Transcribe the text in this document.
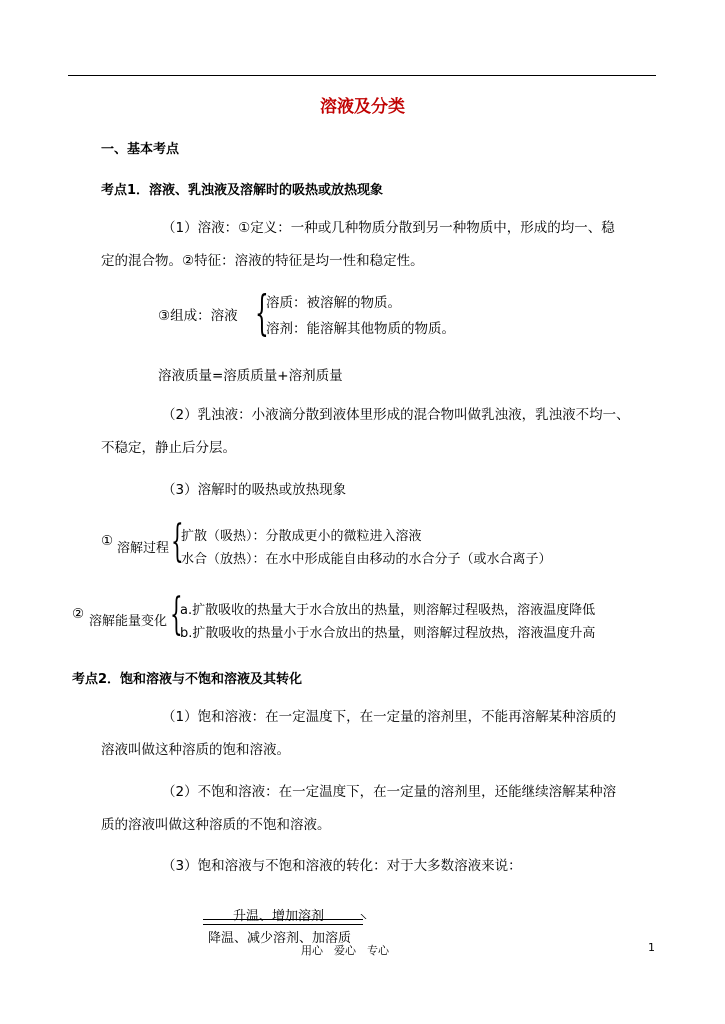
溶液及分类
一、基本考点
考点1．溶液、乳浊液及溶解时的吸热或放热现象
（1）溶液：①定义：一种或几种物质分散到另一种物质中，形成的均一、稳
定的混合物。②特征：溶液的特征是均一性和稳定性。
③组成：溶液 {
溶质：被溶解的物质。
溶剂：能溶解其他物质的物质。
溶液质量=溶质质量+溶剂质量
（2）乳浊液：小液滴分散到液体里形成的混合物叫做乳浊液，乳浊液不均一、
不稳定，静止后分层。
（3）溶解时的吸热或放热现象
① 溶解过程 {
扩散（吸热）：分散成更小的微粒进入溶液
水合（放热）：在水中形成能自由移动的水合分子（或水合离子）
② 溶解能量变化 {
a.扩散吸收的热量大于水合放出的热量，则溶解过程吸热，溶液温度降低
b.扩散吸收的热量小于水合放出的热量，则溶解过程放热，溶液温度升高
考点2．饱和溶液与不饱和溶液及其转化
（1）饱和溶液：在一定温度下，在一定量的溶剂里，不能再溶解某种溶质的
溶液叫做这种溶质的饱和溶液。
（2）不饱和溶液：在一定温度下，在一定量的溶剂里，还能继续溶解某种溶
质的溶液叫做这种溶质的不饱和溶液。
（3）饱和溶液与不饱和溶液的转化：对于大多数溶液来说：
升温、增加溶剂
降温、减少溶剂、加溶质
用心　爱心　专心	1
